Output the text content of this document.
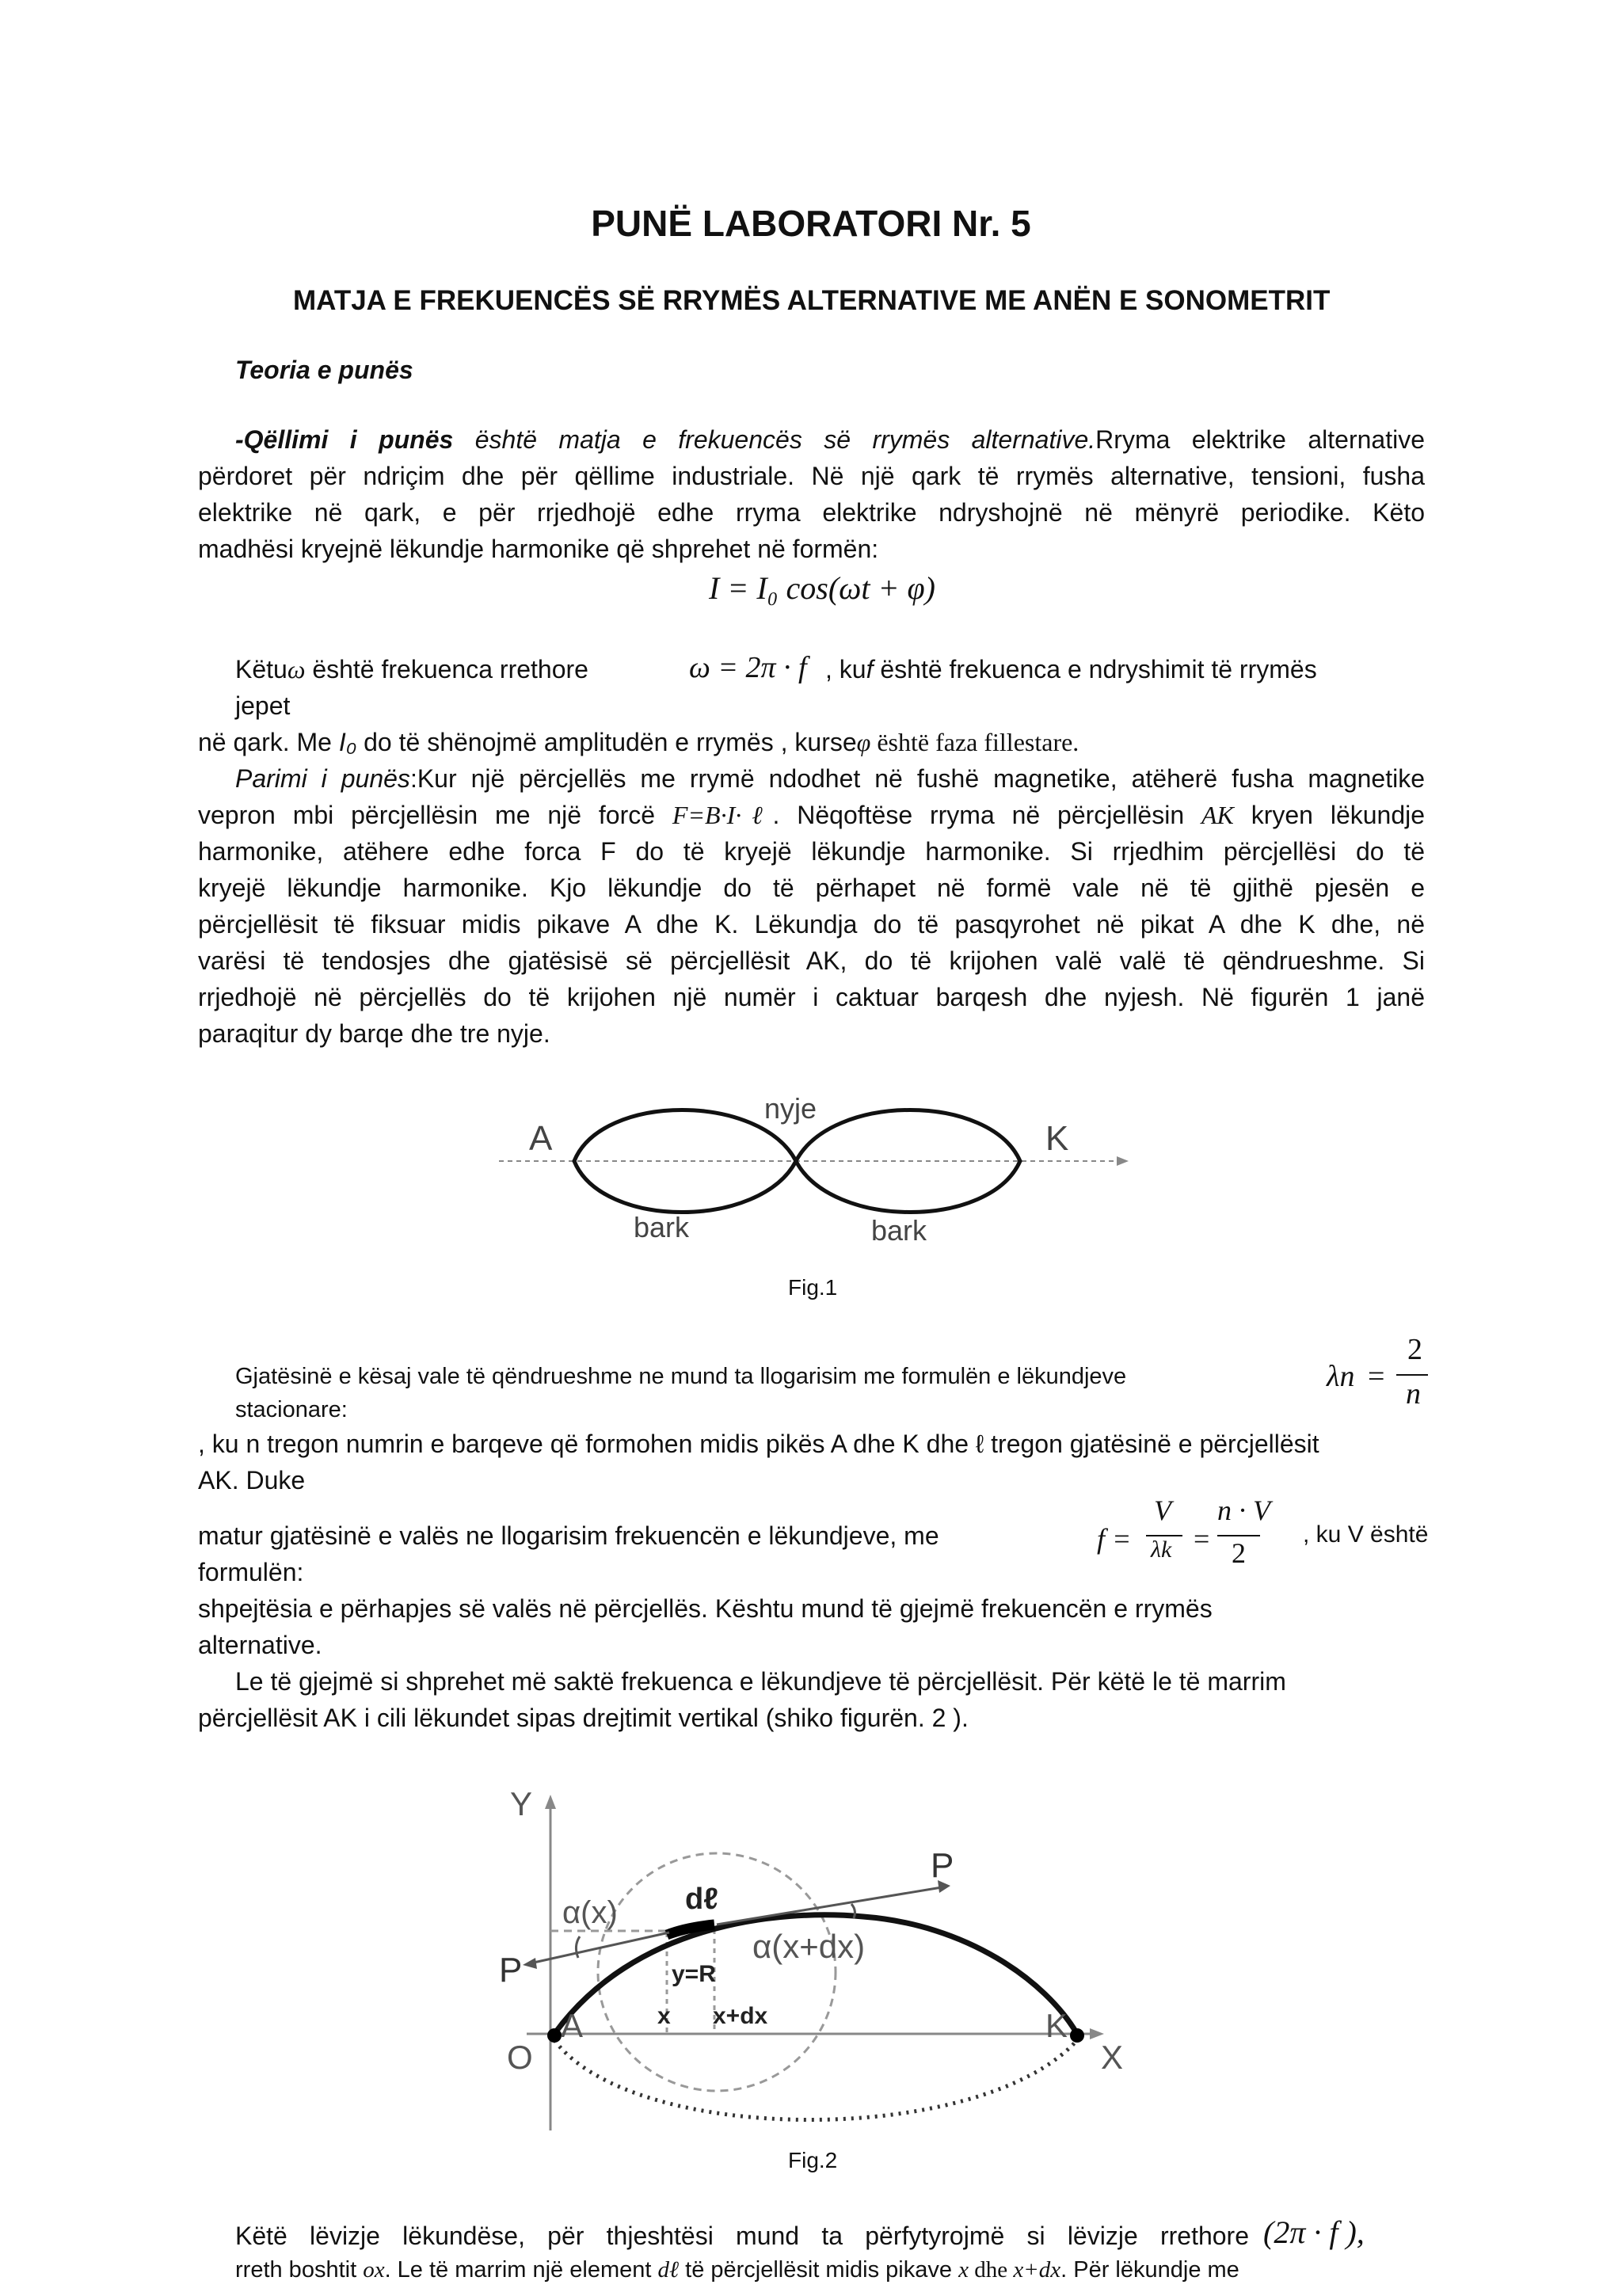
PUNË LABORATORI Nr. 5
MATJA E FREKUENCËS SË RRYMËS ALTERNATIVE ME ANËN E SONOMETRIT
Teoria e punës
-Qëllimi i punës është matja e frekuencës së rrymës alternative.Rryma elektrike alternative
përdoret për ndriçim dhe për qëllime industriale. Në një qark të rrymës alternative, tensioni, fusha
elektrike në qark, e për rrjedhojë edhe rryma elektrike ndryshojnë në mënyrë periodike. Këto
madhësi kryejnë lëkundje harmonike që shprehet në formën:
I = I₀ cos(ωt + φ)
Këtuω është frekuenca rrethore	ω = 2π · f , kuf është frekuenca e ndryshimit të rrymës
jepet
në qark. Me I₀ do të shënojmë amplitudën e rrymës , kurseφ është faza fillestare.
Parimi i punës:Kur një përcjellës me rrymë ndodhet në fushë magnetike, atëherë fusha magnetike
vepron mbi përcjellësin me një forcë F=B·I·ℓ. Nëqoftëse rryma në përcjellësin AK kryen lëkundje
harmonike, atëhere edhe forca F do të kryejë lëkundje harmonike. Si rrjedhim përcjellësi do të
kryejë lëkundje harmonike. Kjo lëkundje do të përhapet në formë vale në të gjithë pjesën e
përcjellësit të fiksuar midis pikave A dhe K. Lëkundja do të pasqyrohet në pikat A dhe K dhe, në
varësi të tendosjes dhe gjatësisë së përcjellësit AK, do të krijohen valë valë të qëndrueshme. Si
rrjedhojë në përcjellës do të krijohen një numër i caktuar barqesh dhe nyjesh. Në figurën 1 janë
paraqitur dy barqe dhe tre nyje.
A	K
nyje
bark	bark
Fig.1
Gjatësinë e kësaj vale të qëndrueshme ne mund ta llogarisim me formulën e lëkundjeve
stacionare:
λn =
2
n
, ku n tregon numrin e barqeve që formohen midis pikës A dhe K dhe ℓ tregon gjatësinë e përcjellësit
AK. Duke
matur gjatësinë e valës ne llogarisim frekuencën e lëkundjeve, me
formulën:
f =
V
λk =
n · V
2
, ku V është
shpejtësia e përhapjes së valës në përcjellës. Kështu mund të gjejmë frekuencën e rrymës
alternative.
Le të gjejmë si shprehet më saktë frekuenca e lëkundjeve të përcjellësit. Për këtë le të marrim
përcjellësit AK i cili lëkundet sipas drejtimit vertikal (shiko figurën. 2 ).
Y
X
O
P
P
α(x) dℓ
α(x+dx)
y=R
x x+dx
A	K
Fig.2
Këtë lëvizje lëkundëse, për thjeshtësi mund ta përfytyrojmë si lëvizje rrethore (2π · f ),
rreth boshtit ox. Le të marrim një element dℓ të përcjellësit midis pikave x dhe x+dx. Për lëkundje me
